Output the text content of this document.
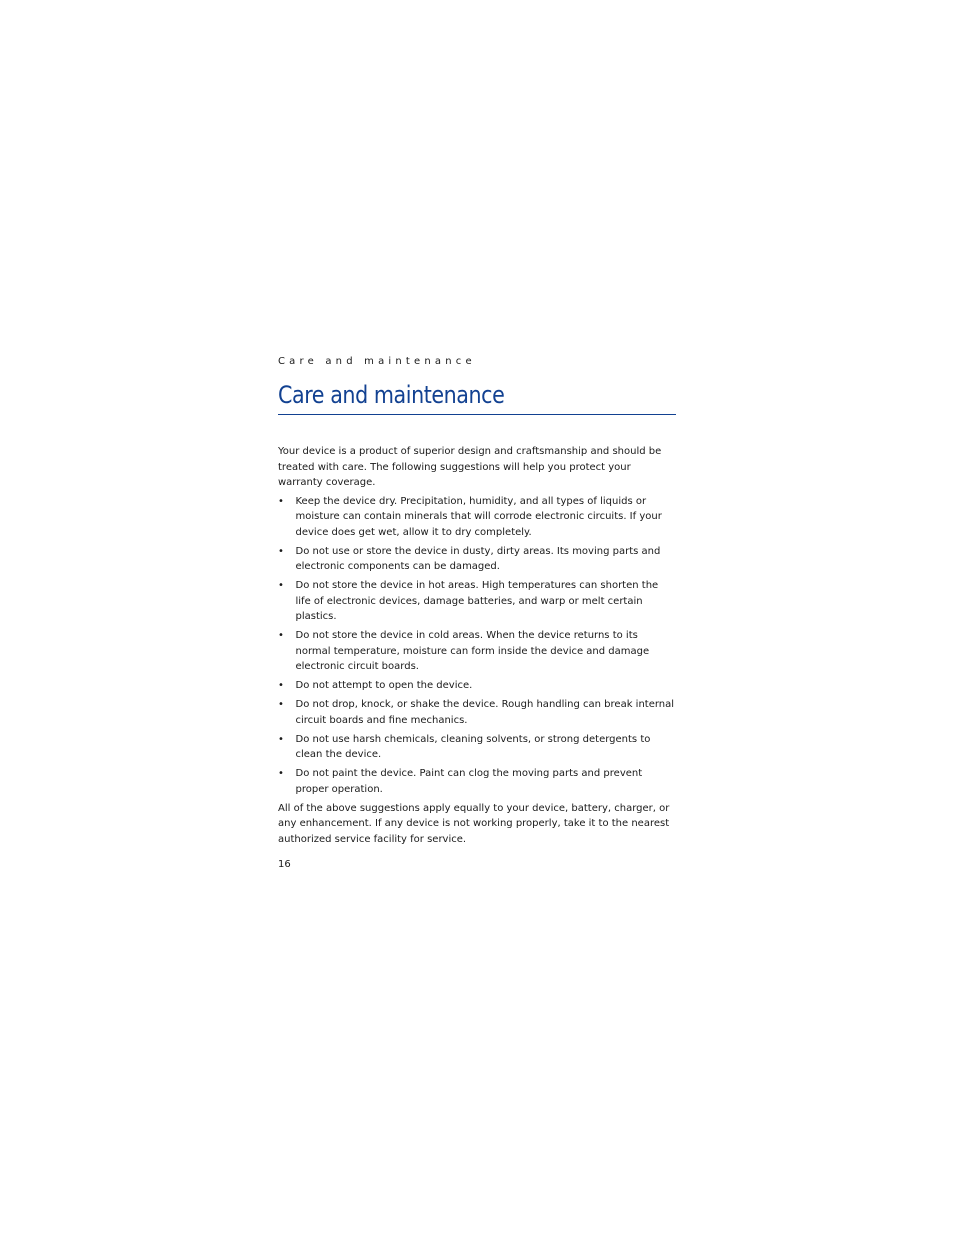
Care and maintenance

Care and maintenance

Your device is a product of superior design and craftsmanship and should be treated with care. The following suggestions will help you protect your warranty coverage.

• Keep the device dry. Precipitation, humidity, and all types of liquids or moisture can contain minerals that will corrode electronic circuits. If your device does get wet, allow it to dry completely.
• Do not use or store the device in dusty, dirty areas. Its moving parts and electronic components can be damaged.
• Do not store the device in hot areas. High temperatures can shorten the life of electronic devices, damage batteries, and warp or melt certain plastics.
• Do not store the device in cold areas. When the device returns to its normal temperature, moisture can form inside the device and damage electronic circuit boards.
• Do not attempt to open the device.
• Do not drop, knock, or shake the device. Rough handling can break internal circuit boards and fine mechanics.
• Do not use harsh chemicals, cleaning solvents, or strong detergents to clean the device.
• Do not paint the device. Paint can clog the moving parts and prevent proper operation.

All of the above suggestions apply equally to your device, battery, charger, or any enhancement. If any device is not working properly, take it to the nearest authorized service facility for service.

16
